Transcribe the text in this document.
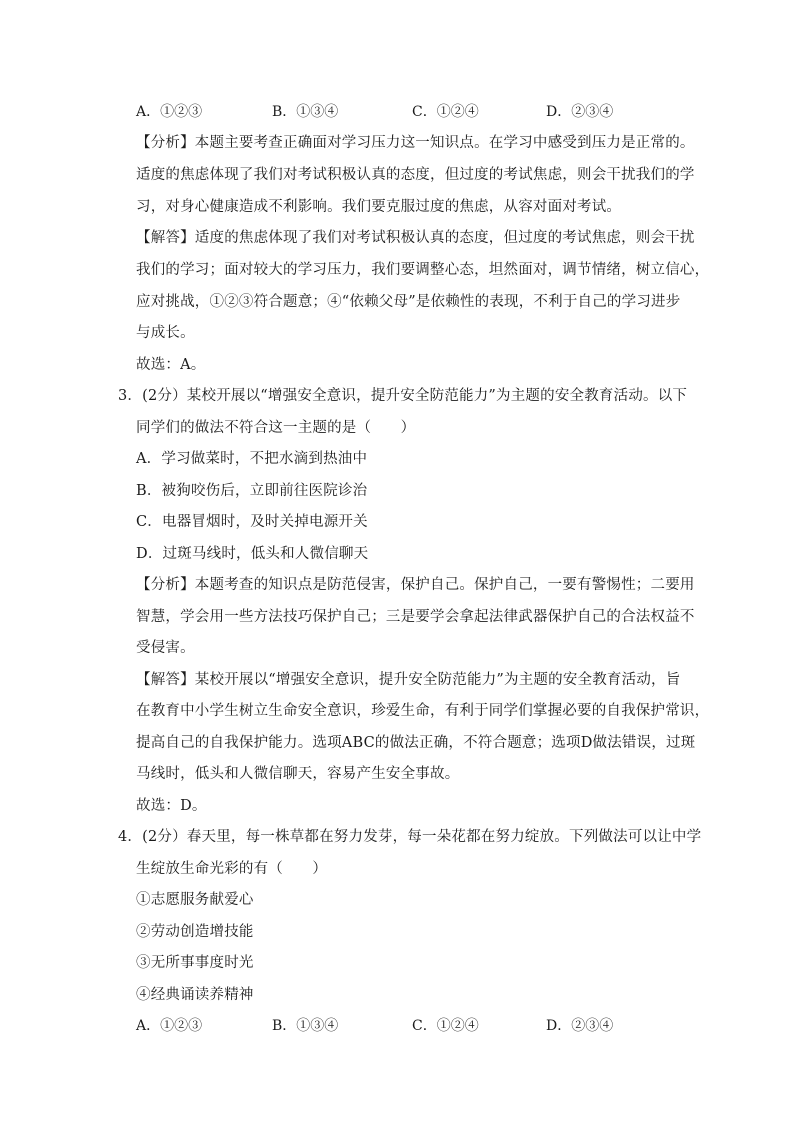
A．①②③	B．①③④	C．①②④	D．②③④
【分析】本题主要考查正确面对学习压力这一知识点。在学习中感受到压力是正常的。
适度的焦虑体现了我们对考试积极认真的态度，但过度的考试焦虑，则会干扰我们的学
习，对身心健康造成不利影响。我们要克服过度的焦虑，从容对面对考试。
【解答】适度的焦虑体现了我们对考试积极认真的态度，但过度的考试焦虑，则会干扰
我们的学习；面对较大的学习压力，我们要调整心态，坦然面对，调节情绪，树立信心，
应对挑战，①②③符合题意；④“依赖父母”是依赖性的表现，不利于自己的学习进步
与成长。
故选：A。
3．(2分）某校开展以“增强安全意识，提升安全防范能力”为主题的安全教育活动。以下
同学们的做法不符合这一主题的是（　　）
A．学习做菜时，不把水滴到热油中
B．被狗咬伤后，立即前往医院诊治
C．电器冒烟时，及时关掉电源开关
D．过斑马线时，低头和人微信聊天
【分析】本题考查的知识点是防范侵害，保护自己。保护自己，一要有警惕性；二要用
智慧，学会用一些方法技巧保护自己；三是要学会拿起法律武器保护自己的合法权益不
受侵害。
【解答】某校开展以“增强安全意识，提升安全防范能力”为主题的安全教育活动，旨
在教育中小学生树立生命安全意识，珍爱生命，有利于同学们掌握必要的自我保护常识，
提高自己的自我保护能力。选项ABC的做法正确，不符合题意；选项D做法错误，过斑
马线时，低头和人微信聊天，容易产生安全事故。
故选：D。
4．(2分）春天里，每一株草都在努力发芽，每一朵花都在努力绽放。下列做法可以让中学
生绽放生命光彩的有（　　）
①志愿服务献爱心
②劳动创造增技能
③无所事事度时光
④经典诵读养精神
A．①②③	B．①③④	C．①②④	D．②③④
